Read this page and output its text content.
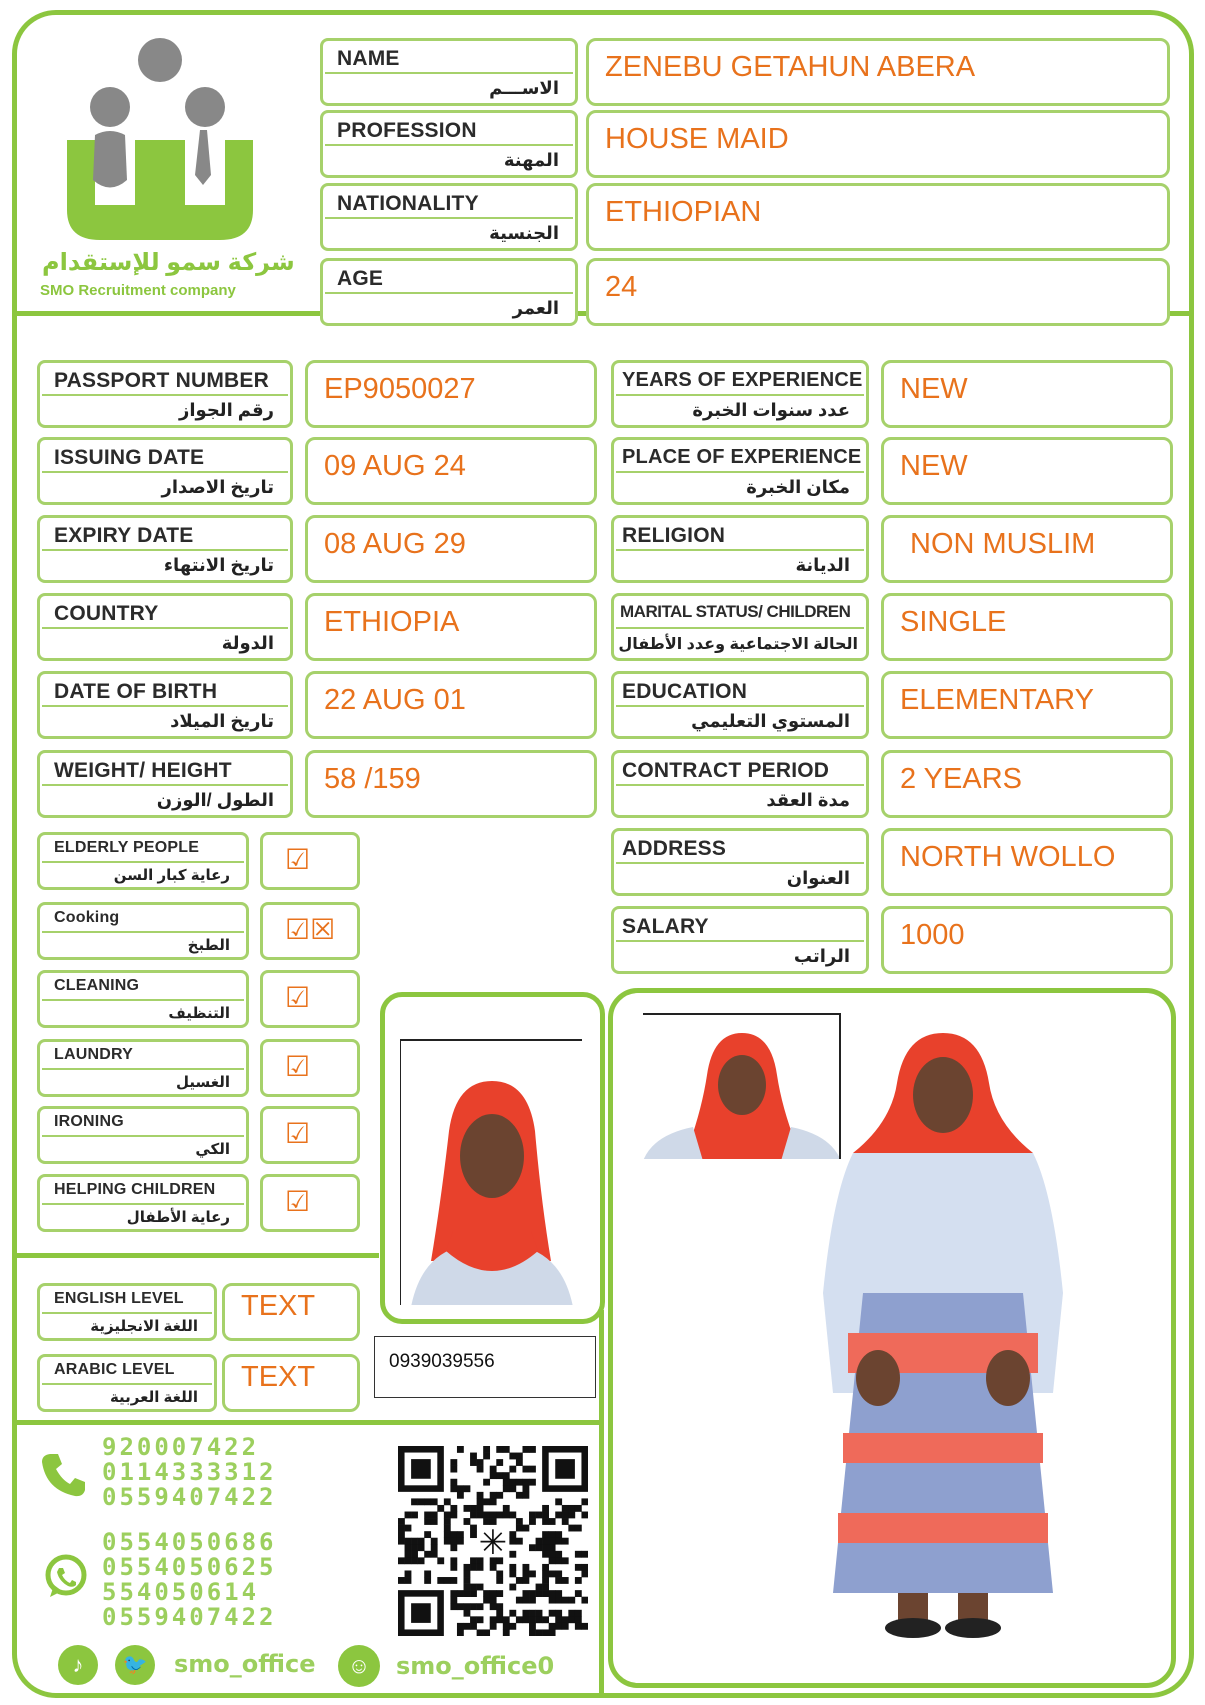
شركة سمو للإستقدام
SMO Recruitment company
NAME
الاســـم
ZENEBU GETAHUN ABERA
PROFESSION
المهنة
HOUSE MAID
NATIONALITY
الجنسية
ETHIOPIAN
AGE
العمر
24
PASSPORT NUMBER
رقم الجواز
EP9050027
ISSUING DATE
تاريخ الاصدار
09 AUG 24
EXPIRY DATE
تاريخ الانتهاء
08 AUG 29
COUNTRY
الدولة
ETHIOPIA
DATE OF BIRTH
تاريخ الميلاد
22 AUG 01
WEIGHT/ HEIGHT
الطول /الوزن
58 /159
YEARS OF EXPERIENCE
عدد سنوات الخبرة
NEW
PLACE OF EXPERIENCE
مكان الخبرة
NEW
RELIGION
الديانة
NON MUSLIM
MARITAL STATUS/ CHILDREN
الحالة الاجتماعية وعدد الأطفال
SINGLE
EDUCATION
المستوي التعليمي
ELEMENTARY
CONTRACT PERIOD
مدة العقد
2 YEARS
ADDRESS
العنوان
NORTH WOLLO
SALARY
الراتب
1000
ELDERLY PEOPLE
رعاية كبار السن
☑
Cooking
الطبخ
☑☒
CLEANING
التنظيف
☑
LAUNDRY
الغسيل
☑
IRONING
الكي
☑
HELPING CHILDREN
رعاية الأطفال
☑
ENGLISH LEVEL
اللغة الانجليزية
TEXT
ARABIC LEVEL
اللغة العربية
TEXT	0939039556
920007422
0114333312
0559407422
0554050686
0554050625
554050614
0559407422
♪	🐦	smo_office	☺	smo_office0
✳
